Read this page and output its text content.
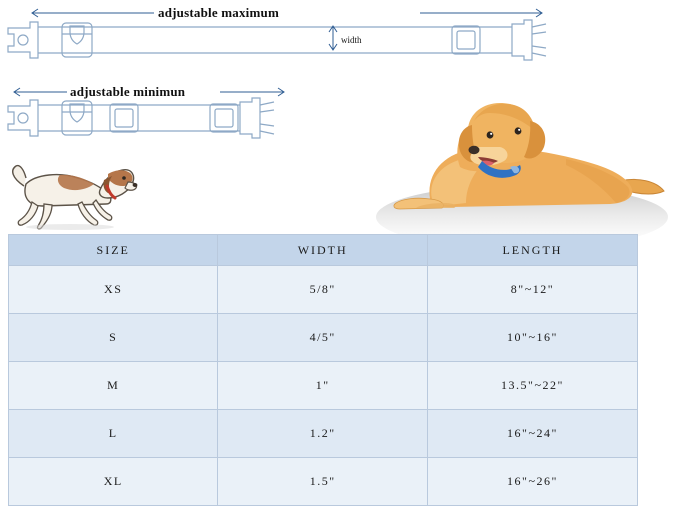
adjustable maximum
width
adjustable minimun
SIZE	WIDTH	LENGTH
XS	5/8"	8"~12"
S	4/5"	10"~16"
M	1"	13.5"~22"
L	1.2"	16"~24"
XL	1.5"	16"~26"
